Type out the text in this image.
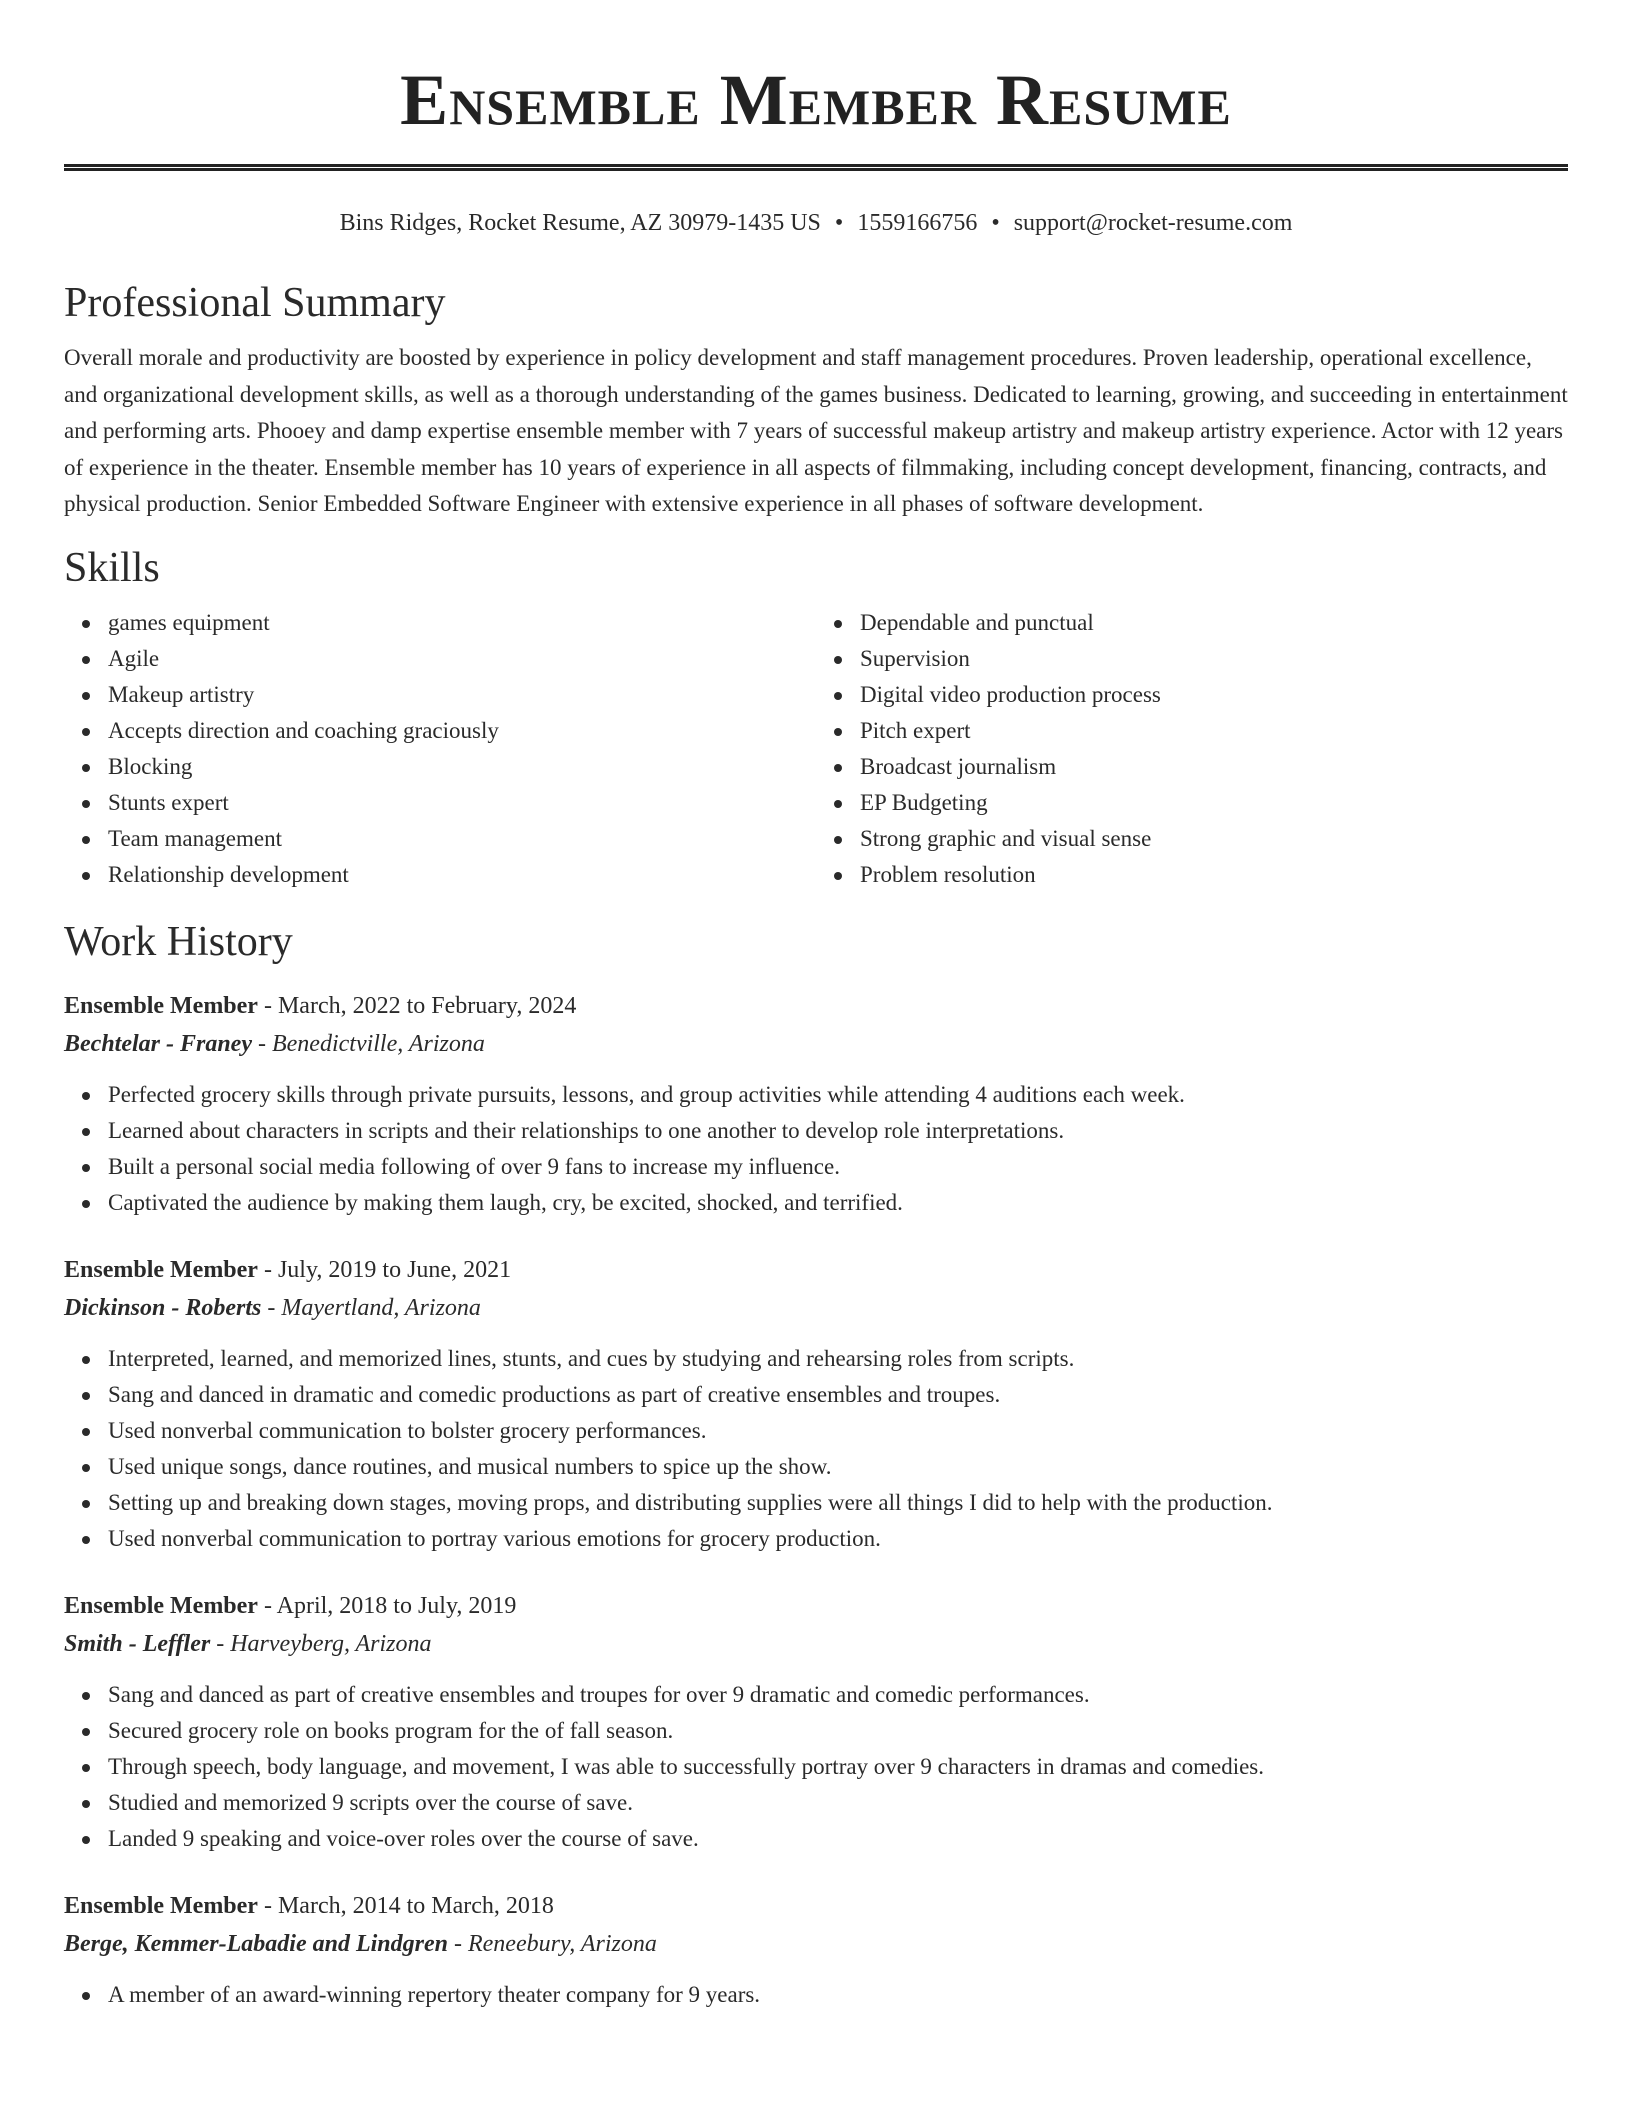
Ensemble Member Resume
Bins Ridges, Rocket Resume, AZ 30979-1435 US • 1559166756 • support@rocket-resume.com
Professional Summary

Overall morale and productivity are boosted by experience in policy development and staff management procedures. Proven leadership, operational excellence, and organizational development skills, as well as a thorough understanding of the games business. Dedicated to learning, growing, and succeeding in entertainment and performing arts. Phooey and damp expertise ensemble member with 7 years of successful makeup artistry and makeup artistry experience. Actor with 12 years of experience in the theater. Ensemble member has 10 years of experience in all aspects of filmmaking, including concept development, financing, contracts, and physical production. Senior Embedded Software Engineer with extensive experience in all phases of software development.

Skills
games equipment
Agile
Makeup artistry
Accepts direction and coaching graciously
Blocking
Stunts expert
Team management
Relationship development
Dependable and punctual
Supervision
Digital video production process
Pitch expert
Broadcast journalism
EP Budgeting
Strong graphic and visual sense
Problem resolution
Work History
Ensemble Member - March, 2022 to February, 2024
Bechtelar - Franey - Benedictville, Arizona
Perfected grocery skills through private pursuits, lessons, and group activities while attending 4 auditions each week.
Learned about characters in scripts and their relationships to one another to develop role interpretations.
Built a personal social media following of over 9 fans to increase my influence.
Captivated the audience by making them laugh, cry, be excited, shocked, and terrified.
Ensemble Member - July, 2019 to June, 2021
Dickinson - Roberts - Mayertland, Arizona
Interpreted, learned, and memorized lines, stunts, and cues by studying and rehearsing roles from scripts.
Sang and danced in dramatic and comedic productions as part of creative ensembles and troupes.
Used nonverbal communication to bolster grocery performances.
Used unique songs, dance routines, and musical numbers to spice up the show.
Setting up and breaking down stages, moving props, and distributing supplies were all things I did to help with the production.
Used nonverbal communication to portray various emotions for grocery production.
Ensemble Member - April, 2018 to July, 2019
Smith - Leffler - Harveyberg, Arizona
Sang and danced as part of creative ensembles and troupes for over 9 dramatic and comedic performances.
Secured grocery role on books program for the of fall season.
Through speech, body language, and movement, I was able to successfully portray over 9 characters in dramas and comedies.
Studied and memorized 9 scripts over the course of save.
Landed 9 speaking and voice-over roles over the course of save.
Ensemble Member - March, 2014 to March, 2018
Berge, Kemmer-Labadie and Lindgren - Reneebury, Arizona
A member of an award-winning repertory theater company for 9 years.
